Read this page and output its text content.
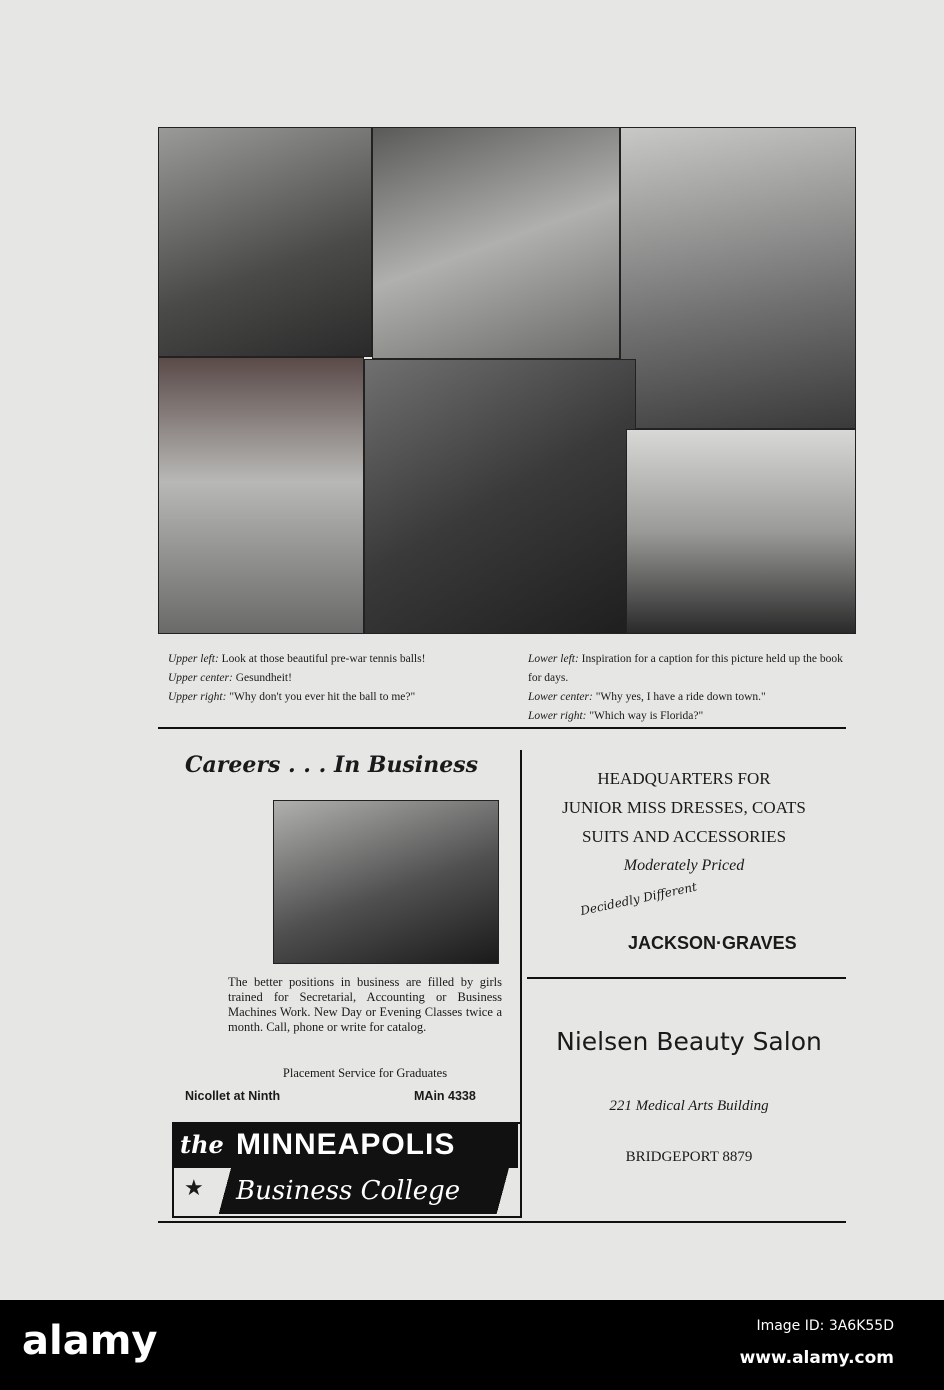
Upper left: Look at those beautiful pre-war tennis balls!
Upper center: Gesundheit!
Upper right: "Why don't you ever hit the ball to me?"
Lower left: Inspiration for a caption for this picture held up the book for days.
Lower center: "Why yes, I have a ride down town."
Lower right: "Which way is Florida?"
Careers . . . In Business
The better positions in business are filled by girls trained for Secretarial, Accounting or Business Machines Work. New Day or Evening Classes twice a month. Call, phone or write for catalog.
Placement Service for Graduates
Nicollet at Ninth	MAin 4338
the MINNEAPOLIS
★ Business College
HEADQUARTERS FOR
JUNIOR MISS DRESSES, COATS
SUITS AND ACCESSORIES
Moderately Priced
Decidedly Different
JACKSON·GRAVES
Nielsen Beauty Salon
221 Medical Arts Building
BRIDGEPORT 8879
alamy	Image ID: 3A6K55D
www.alamy.com
